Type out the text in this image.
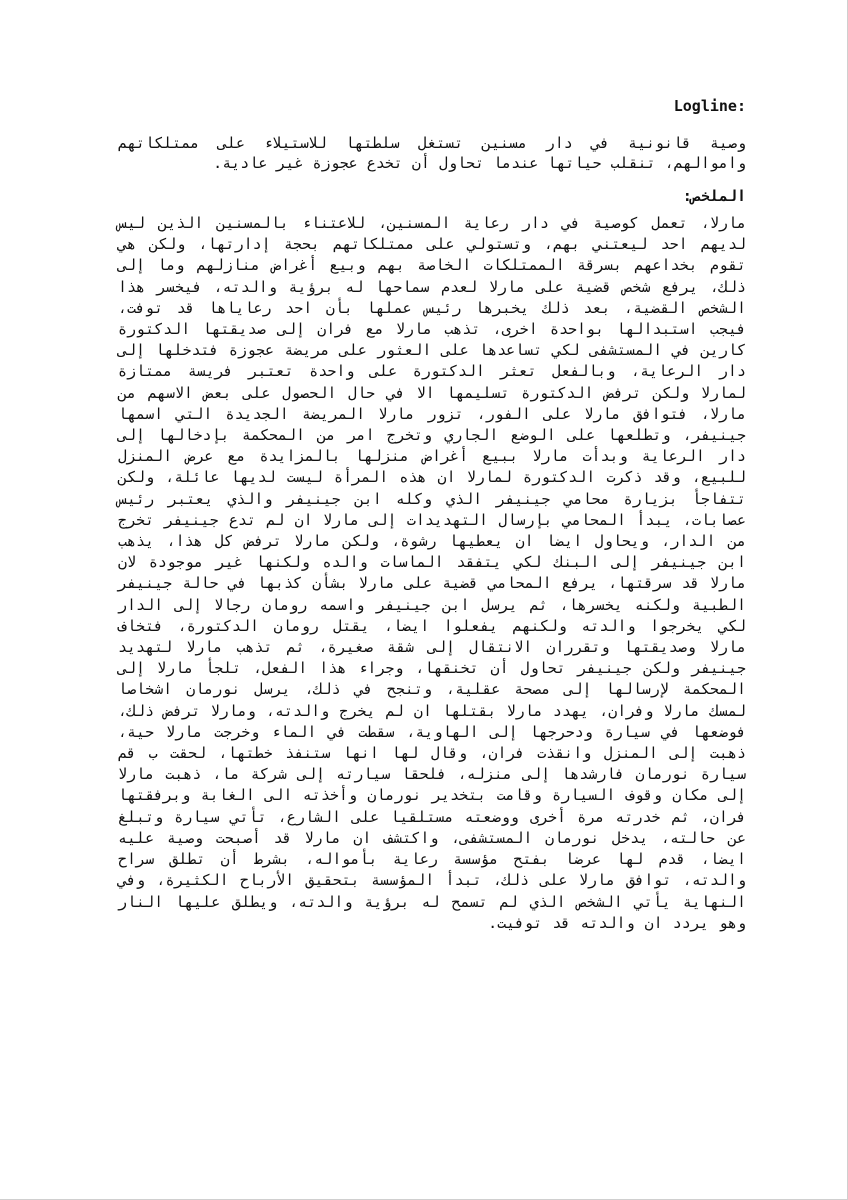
Logline:

وصية قانونية في دار مسنين تستغل سلطتها للاستيلاء على ممتلكاتهم واموالهم، تنقلب حياتها عندما تحاول أن تخدع عجوزة غير عادية.

الملخص:

مارلا، تعمل كوصية في دار رعاية المسنين، للاعتناء بالمسنين الذين ليس لديهم احد ليعتني بهم، وتستولي على ممتلكاتهم بحجة إدارتها، ولكن هي تقوم بخداعهم بسرقة الممتلكات الخاصة بهم وبيع أغراض منازلهم وما إلى ذلك، يرفع شخص قضية على مارلا لعدم سماحها له برؤية والدته، فيخسر هذا الشخص القضية، بعد ذلك يخبرها رئيس عملها بأن احد رعاياها قد توفت، فيجب استبدالها بواحدة اخرى، تذهب مارلا مع فران إلى صديقتها الدكتورة كارين في المستشفى لكي تساعدها على العثور على مريضة عجوزة فتدخلها إلى دار الرعاية، وبالفعل تعثر الدكتورة على واحدة تعتبر فريسة ممتازة لمارلا ولكن ترفض الدكتورة تسليمها الا في حال الحصول على بعض الاسهم من مارلا، فتوافق مارلا على الفور، تزور مارلا المريضة الجديدة التي اسمها جينيفر، وتطلعها على الوضع الجاري وتخرج امر من المحكمة بإدخالها إلى دار الرعاية وبدأت مارلا ببيع أغراض منزلها بالمزايدة مع عرض المنزل للبيع، وقد ذكرت الدكتورة لمارلا ان هذه المرأة ليست لديها عائلة، ولكن تتفاجأ بزيارة محامي جينيفر الذي وكله ابن جينيفر والذي يعتبر رئيس عصابات، يبدأ المحامي بإرسال التهديدات إلى مارلا ان لم تدع جينيفر تخرج من الدار، ويحاول ايضا ان يعطيها رشوة، ولكن مارلا ترفض كل هذا، يذهب ابن جينيفر إلى البنك لكي يتفقد الماسات والده ولكنها غير موجودة لان مارلا قد سرقتها، يرفع المحامي قضية على مارلا بشأن كذبها في حالة جينيفر الطبية ولكنه يخسرها، ثم يرسل ابن جينيفر واسمه رومان رجالا إلى الدار لكي يخرجوا والدته ولكنهم يفعلوا ايضا، يقتل رومان الدكتورة، فتخاف مارلا وصديقتها وتقرران الانتقال إلى شقة صغيرة، ثم تذهب مارلا لتهديد جينيفر ولكن جينيفر تحاول أن تخنقها، وجراء هذا الفعل، تلجأ مارلا إلى المحكمة لإرسالها إلى مصحة عقلية، وتنجح في ذلك، يرسل نورمان اشخاصا لمسك مارلا وفران، يهدد مارلا بقتلها ان لم يخرج والدته، ومارلا ترفض ذلك، فوضعها في سيارة ودحرجها إلى الهاوية، سقطت في الماء وخرجت مارلا حية، ذهبت إلى المنزل وانقذت فران، وقال لها انها ستنفذ خطتها، لحقت ب قم سيارة نورمان فارشدها إلى منزله، فلحقا سيارته إلى شركة ما، ذهبت مارلا إلى مكان وقوف السيارة وقامت بتخدير نورمان وأخذته الى الغابة وبرفقتها فران، ثم خدرته مرة أخرى ووضعته مستلقيا على الشارع، تأتي سيارة وتبلغ عن حالته، يدخل نورمان المستشفى، واكتشف ان مارلا قد أصبحت وصية عليه ايضا، قدم لها عرضا بفتح مؤسسة رعاية بأمواله، بشرط أن تطلق سراح والدته، توافق مارلا على ذلك، تبدأ المؤسسة بتحقيق الأرباح الكثيرة، وفي النهاية يأتي الشخص الذي لم تسمح له برؤية والدته، ويطلق عليها النار وهو يردد ان والدته قد توفيت.
